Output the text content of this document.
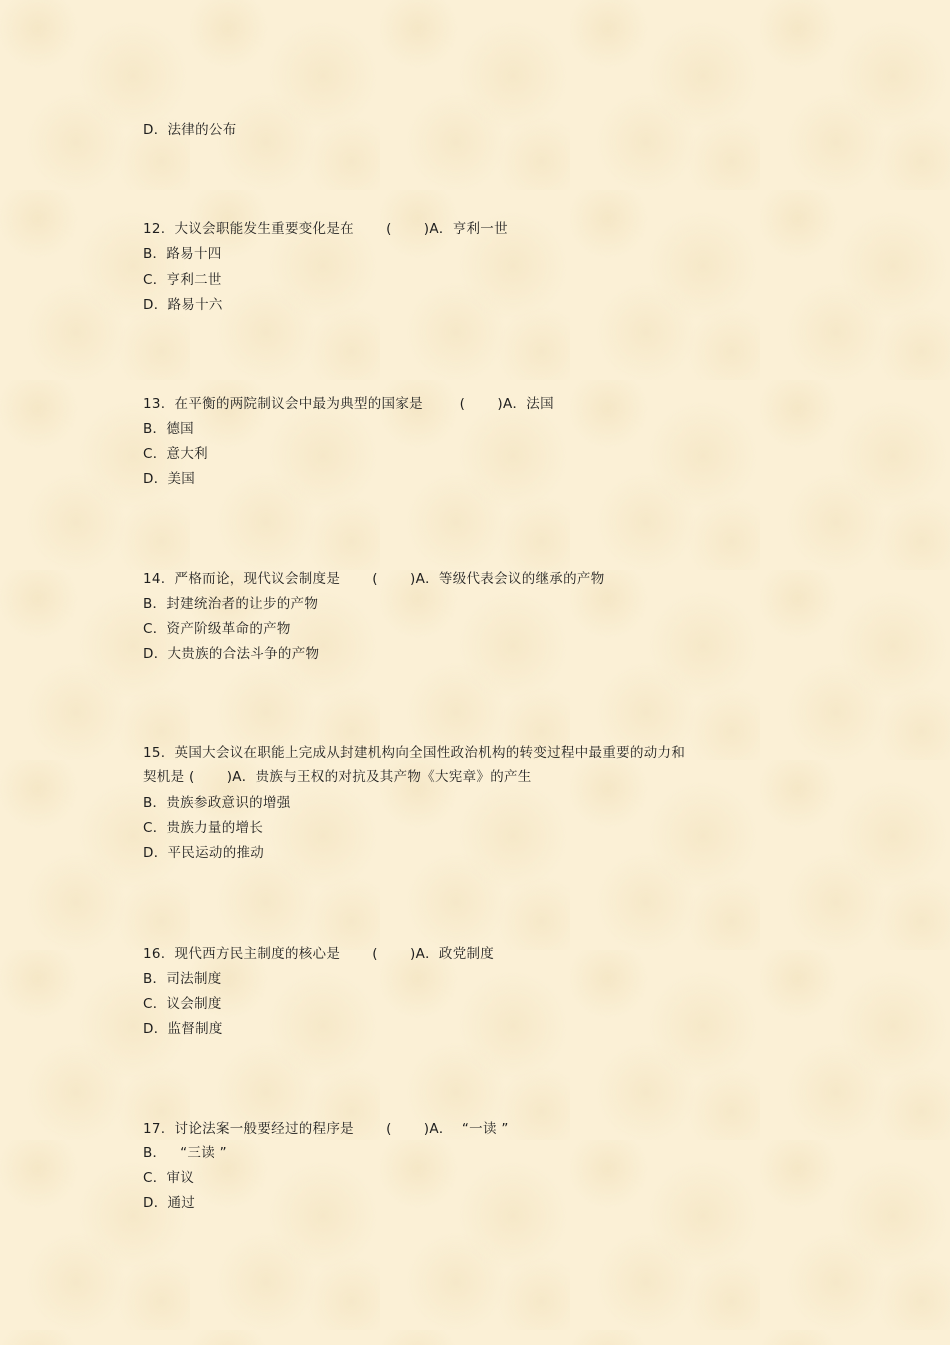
D．法律的公布
12.  大议会职能发生重要变化是在       (       )A．亨利一世
B．路易十四
C．亨利二世
D．路易十六
13.  在平衡的两院制议会中最为典型的国家是        (       )A．法国
B．德国
C．意大利
D．美国
14.  严格而论，现代议会制度是       (       )A．等级代表会议的继承的产物
B．封建统治者的让步的产物
C．资产阶级革命的产物
D．大贵族的合法斗争的产物
15.  英国大会议在职能上完成从封建机构向全国性政治机构的转变过程中最重要的动力和
契机是 (       )A．贵族与王权的对抗及其产物《大宪章》的产生
B．贵族参政意识的增强
C．贵族力量的增长
D．平民运动的推动
16.  现代西方民主制度的核心是       (       )A．政党制度
B．司法制度
C．议会制度
D．监督制度
17.  讨论法案一般要经过的程序是       (       )A．  “一读 ”
B．   “三读 ”
C．审议
D．通过
